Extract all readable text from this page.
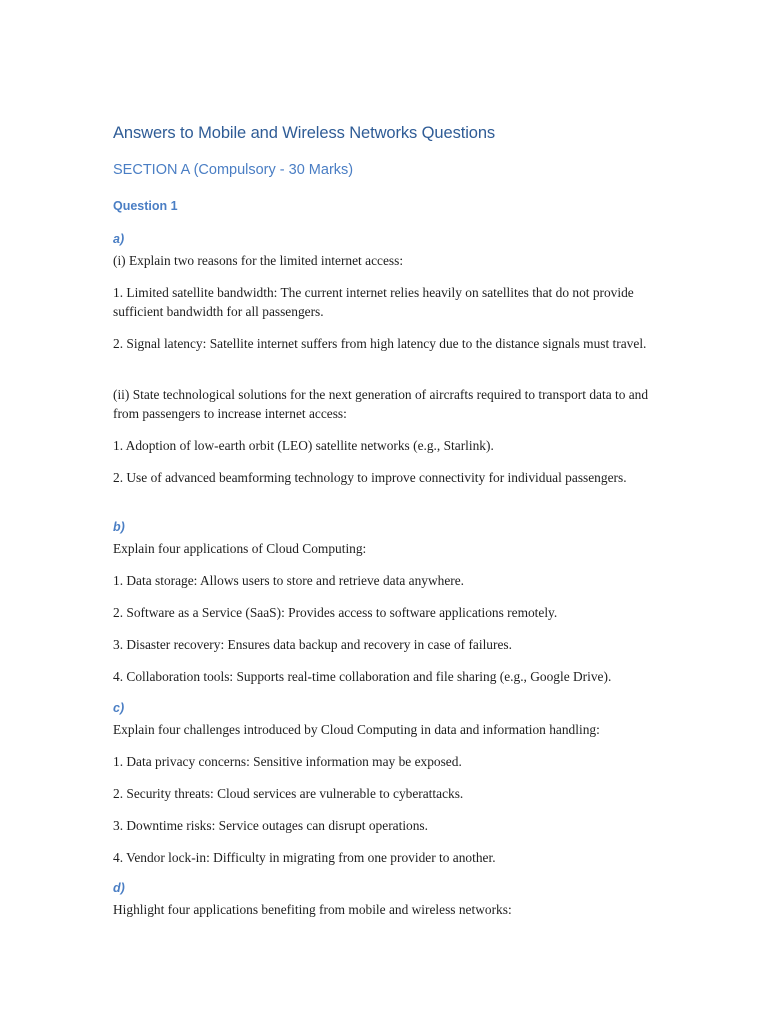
Answers to Mobile and Wireless Networks Questions
SECTION A (Compulsory - 30 Marks)
Question 1
a)
(i) Explain two reasons for the limited internet access:
1. Limited satellite bandwidth: The current internet relies heavily on satellites that do not provide sufficient bandwidth for all passengers.
2. Signal latency: Satellite internet suffers from high latency due to the distance signals must travel.
(ii) State technological solutions for the next generation of aircrafts required to transport data to and from passengers to increase internet access:
1. Adoption of low-earth orbit (LEO) satellite networks (e.g., Starlink).
2. Use of advanced beamforming technology to improve connectivity for individual passengers.
b)
Explain four applications of Cloud Computing:
1. Data storage: Allows users to store and retrieve data anywhere.
2. Software as a Service (SaaS): Provides access to software applications remotely.
3. Disaster recovery: Ensures data backup and recovery in case of failures.
4. Collaboration tools: Supports real-time collaboration and file sharing (e.g., Google Drive).
c)
Explain four challenges introduced by Cloud Computing in data and information handling:
1. Data privacy concerns: Sensitive information may be exposed.
2. Security threats: Cloud services are vulnerable to cyberattacks.
3. Downtime risks: Service outages can disrupt operations.
4. Vendor lock-in: Difficulty in migrating from one provider to another.
d)
Highlight four applications benefiting from mobile and wireless networks:
